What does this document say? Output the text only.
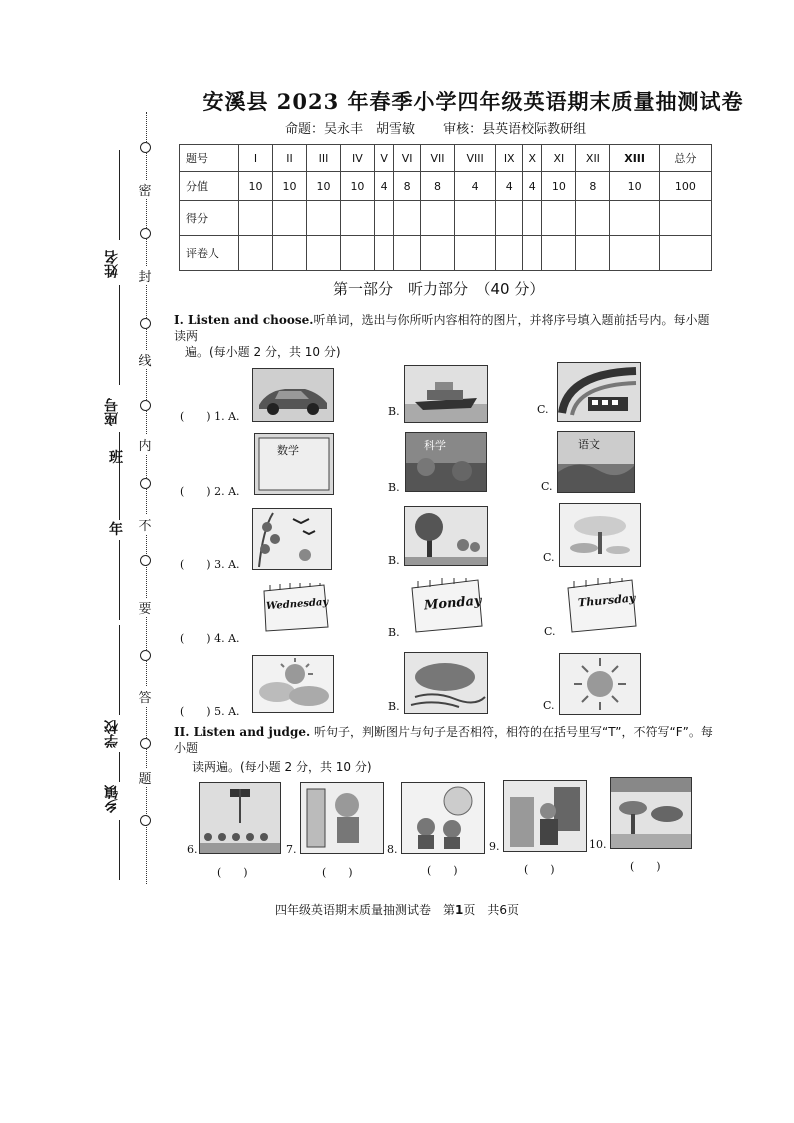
姓名
座号
班
年
学校
乡镇
密
封
线
内
不
要
答
题
安溪县 2023 年春季小学四年级英语期末质量抽测试卷
命题：吴永丰　胡雪敏 审核：县英语校际教研组
题号	I	II	III	IV	V	VI	VII	VIII	IX	X	XI	XII	XIII	总分
分值	10	10	10	10	4	8	8	4	4	4	10	8	10	100
得分														
评卷人														
第一部分　听力部分　（40 分）
I. Listen and choose.听单词，选出与你所听内容相符的图片，并将序号填入题前括号内。每小题读两
遍。(每小题 2 分，共 10 分)
(　　) 1. A.	B.	C.
(　　) 2. A.
数学
B.
科学
C.
语文
(　　) 3. A.	B.	C.
(　　) 4. A.
Wednesday
B.
Monday
C.
Thursday
(　　) 5. A.	B.	C.
II. Listen and judge. 听句子，判断图片与句子是否相符，相符的在括号里写“T”，不符写“F”。每小题
读两遍。(每小题 2 分，共 10 分)
6.
(　　)
7.
(　　)
8.
(　　)
9.
(　　)
10.
(　　)
四年级英语期末质量抽测试卷　第1页　共6页
